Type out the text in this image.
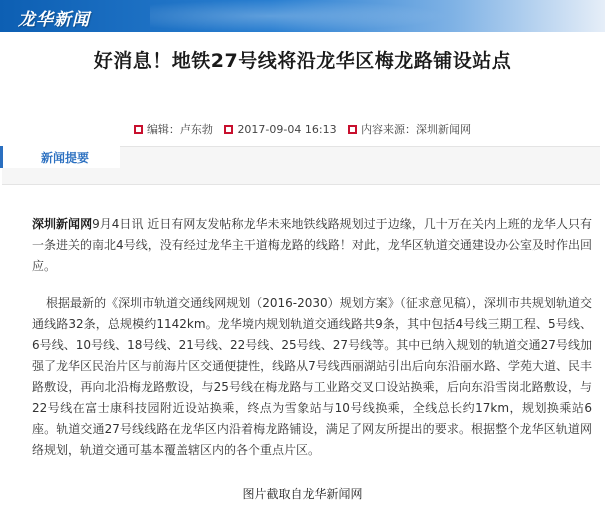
龙华新闻
好消息！地铁27号线将沿龙华区梅龙路铺设站点
编辑：卢东勃 2017-09-04 16:13 内容来源：深圳新闻网
新闻提要
深圳新闻网9月4日讯 近日有网友发帖称龙华未来地铁线路规划过于边缘，几十万在关内上班的龙华人只有一条进关的南北4号线，没有经过龙华主干道梅龙路的线路！对此，龙华区轨道交通建设办公室及时作出回应。
根据最新的《深圳市轨道交通线网规划（2016-2030）规划方案》（征求意见稿），深圳市共规划轨道交通线路32条，总规模约1142km。龙华境内规划轨道交通线路共9条，其中包括4号线三期工程、5号线、6号线、10号线、18号线、21号线、22号线、25号线、27号线等。其中已纳入规划的轨道交通27号线加强了龙华区民治片区与前海片区交通便捷性，线路从7号线西丽湖站引出后向东沿丽水路、学苑大道、民丰路敷设，再向北沿梅龙路敷设，与25号线在梅龙路与工业路交叉口设站换乘，后向东沿雪岗北路敷设，与22号线在富士康科技园附近设站换乘，终点为雪象站与10号线换乘，全线总长约17km，规划换乘站6座。轨道交通27号线线路在龙华区内沿着梅龙路铺设，满足了网友所提出的要求。根据整个龙华区轨道网络规划，轨道交通可基本覆盖辖区内的各个重点片区。
图片截取自龙华新闻网
